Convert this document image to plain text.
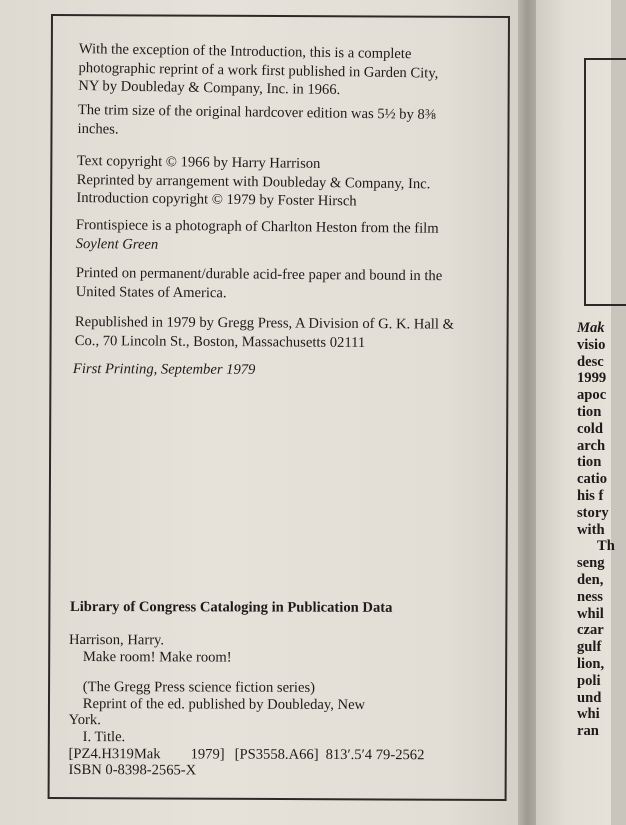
With the exception of the Introduction, this is a complete
photographic reprint of a work first published in Garden City,
NY by Doubleday & Company, Inc. in 1966.
The trim size of the original hardcover edition was 5½ by 8⅜
inches.
Text copyright © 1966 by Harry Harrison
Reprinted by arrangement with Doubleday & Company, Inc.
Introduction copyright © 1979 by Foster Hirsch
Frontispiece is a photograph of Charlton Heston from the film
Soylent Green
Printed on permanent/durable acid-free paper and bound in the
United States of America.
Republished in 1979 by Gregg Press, A Division of G. K. Hall &
Co., 70 Lincoln St., Boston, Massachusetts 02111
First Printing, September 1979
Library of Congress Cataloging in Publication Data
Harrison, Harry.
Make room! Make room!
(The Gregg Press science fiction series)
Reprint of the ed. published by Doubleday, New
York.
I. Title.
[PZ4.H319Mak 1979] [PS3558.A66] 813′.5′4 79-2562
ISBN 0-8398-2565-X
Mak
visio
desc
1999
apoc
tion
cold
arch
tion
catio
his f
story
with
Th
seng
den,
ness
whil
czar
gulf
lion,
poli
und
whi
ran
